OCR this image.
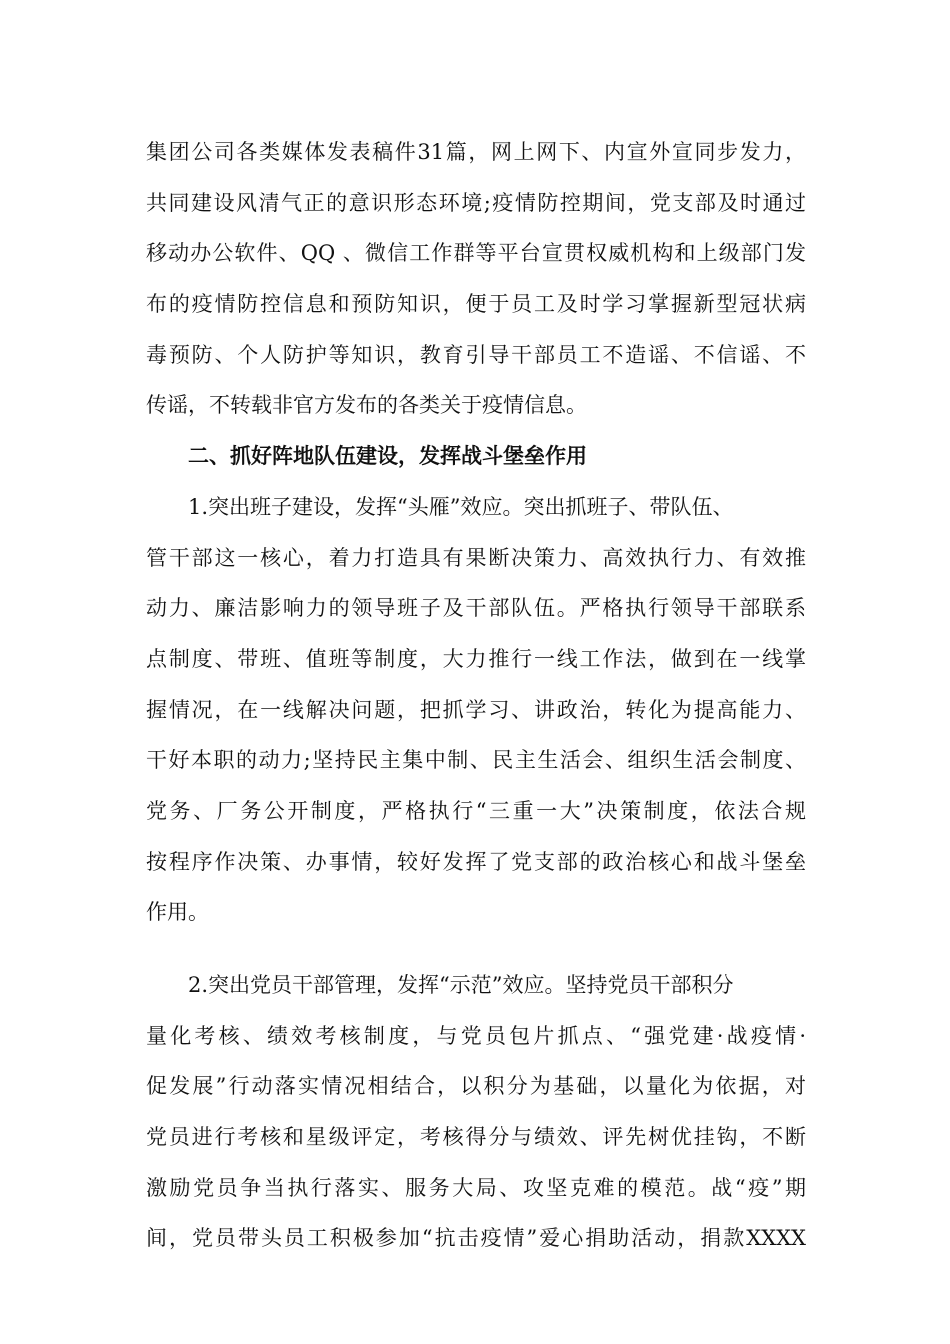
集团公司各类媒体发表稿件31篇，网上网下、内宣外宣同步发力，
共同建设风清气正的意识形态环境;疫情防控期间，党支部及时通过
移动办公软件、QQ 、微信工作群等平台宣贯权威机构和上级部门发
布的疫情防控信息和预防知识，便于员工及时学习掌握新型冠状病
毒预防、个人防护等知识，教育引导干部员工不造谣、不信谣、不
传谣，不转载非官方发布的各类关于疫情信息。
二、抓好阵地队伍建设，发挥战斗堡垒作用
1.突出班子建设，发挥“头雁”效应。突出抓班子、带队伍、
管干部这一核心，着力打造具有果断决策力、高效执行力、有效推
动力、廉洁影响力的领导班子及干部队伍。严格执行领导干部联系
点制度、带班、值班等制度，大力推行一线工作法，做到在一线掌
握情况，在一线解决问题，把抓学习、讲政治，转化为提高能力、
干好本职的动力;坚持民主集中制、民主生活会、组织生活会制度、
党务、厂务公开制度，严格执行“三重一大”决策制度，依法合规
按程序作决策、办事情，较好发挥了党支部的政治核心和战斗堡垒
作用。
2.突出党员干部管理，发挥“示范”效应。坚持党员干部积分
量化考核、绩效考核制度，与党员包片抓点、“强党建·战疫情·
促发展”行动落实情况相结合，以积分为基础，以量化为依据，对
党员进行考核和星级评定，考核得分与绩效、评先树优挂钩，不断
激励党员争当执行落实、服务大局、攻坚克难的模范。战“疫”期
间，党员带头员工积极参加“抗击疫情”爱心捐助活动，捐款XXXX
